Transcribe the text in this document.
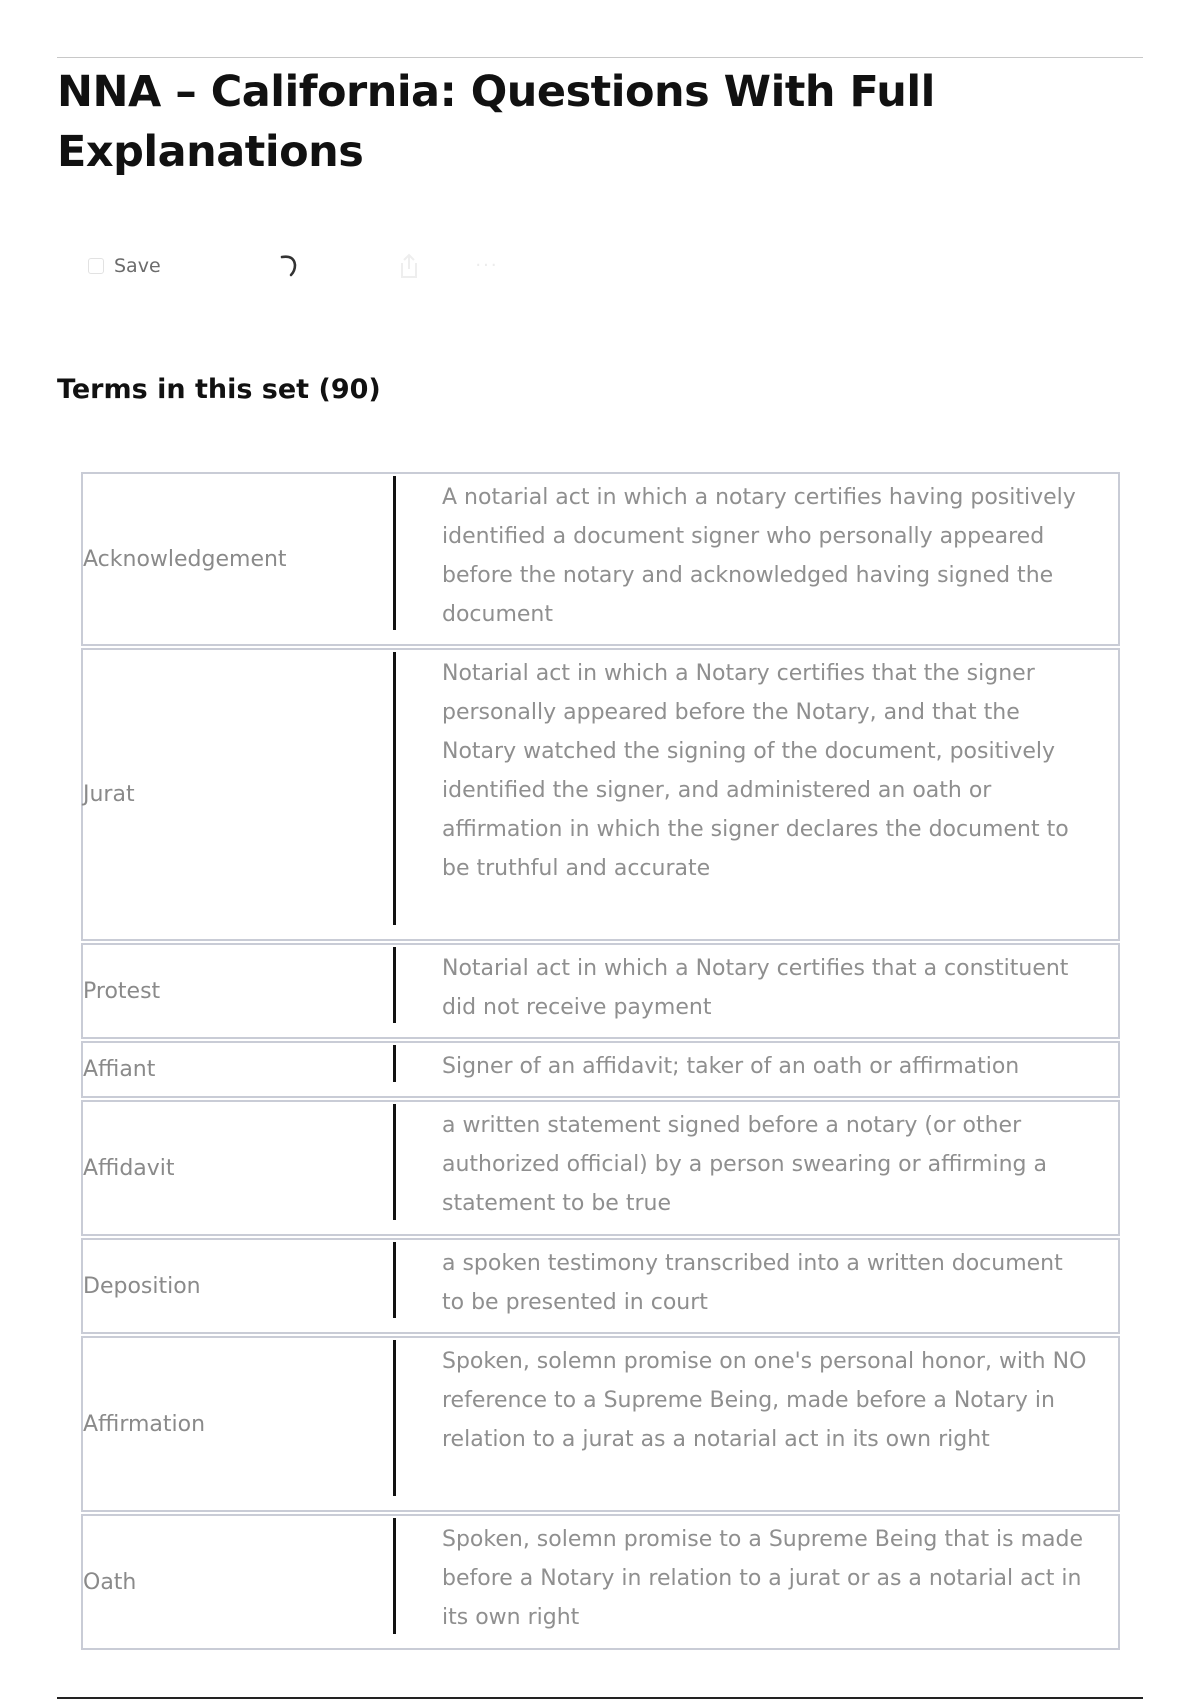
NNA – California: Questions With Full Explanations
Save	···
Terms in this set (90)
Acknowledgement
A notarial act in which a notary certifies having positively identified a document signer who personally appeared before the notary and acknowledged having signed the document
Jurat
Notarial act in which a Notary certifies that the signer personally appeared before the Notary, and that the Notary watched the signing of the document, positively identified the signer, and administered an oath or affirmation in which the signer declares the document to be truthful and accurate
Protest
Notarial act in which a Notary certifies that a constituent did not receive payment
Affiant	Signer of an affidavit; taker of an oath or affirmation
Affidavit
a written statement signed before a notary (or other authorized official) by a person swearing or affirming a statement to be true
Deposition
a spoken testimony transcribed into a written document to be presented in court
Affirmation
Spoken, solemn promise on one's personal honor, with NO reference to a Supreme Being, made before a Notary in relation to a jurat as a notarial act in its own right
Oath
Spoken, solemn promise to a Supreme Being that is made before a Notary in relation to a jurat or as a notarial act in its own right
